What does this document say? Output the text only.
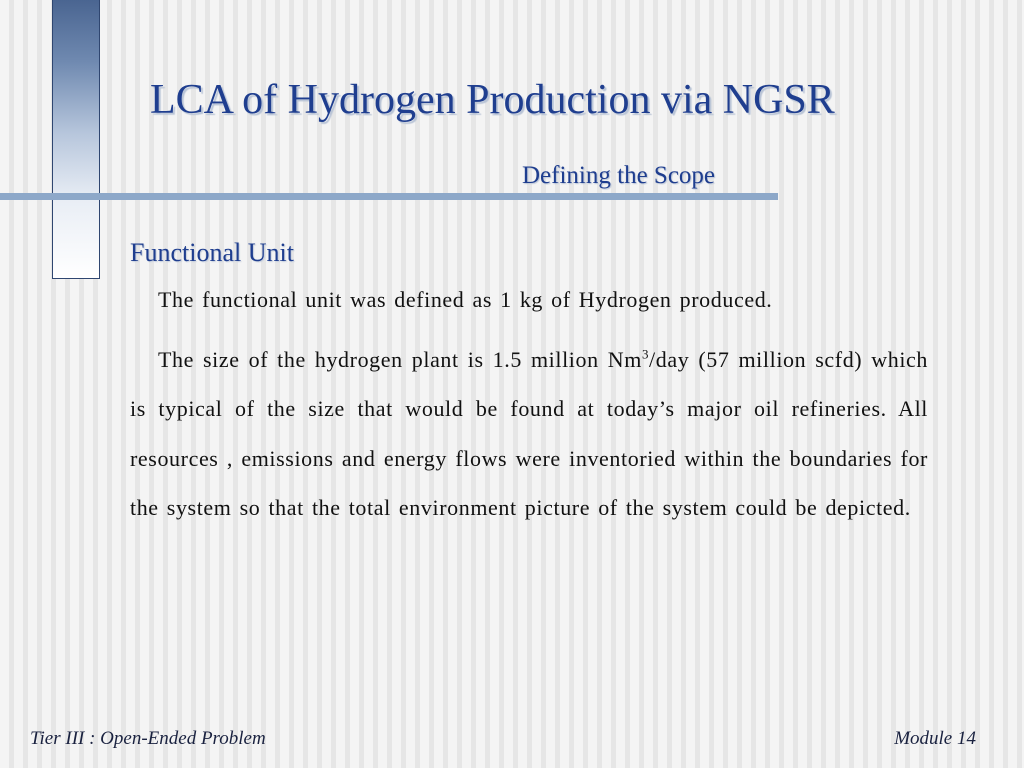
LCA of Hydrogen Production via NGSR
Defining the Scope
Functional Unit

The functional unit was defined as 1 kg of Hydrogen produced.

The size of the hydrogen plant is 1.5 million Nm$^3$/day (57 million scfd) which is typical of the size that would be found at today’s major oil refineries. All resources , emissions and energy flows were inventoried within the boundaries for the system so that the total environment picture of the system could be depicted.

Tier III : Open-Ended Problem	Module 14
